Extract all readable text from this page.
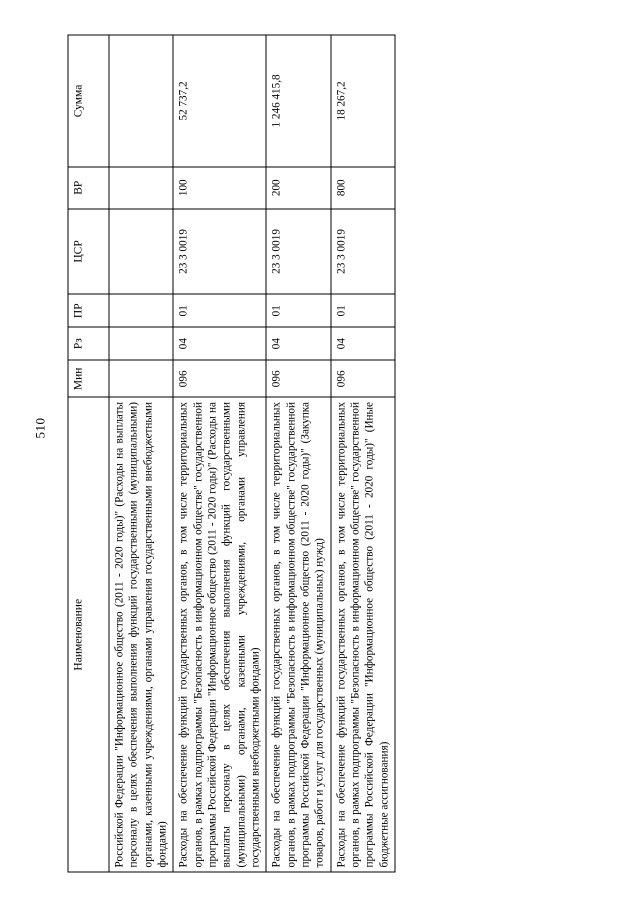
510
Наименование	Мин	Рз	ПР	ЦСР	ВР	Сумма
Российской Федерации "Информационное общество (2011 - 2020 годы)" (Расходы на выплаты персоналу в целях обеспечения выполнения функций государственными (муниципальными) органами, казенными учреждениями, органами управления государственными внебюджетными фондами)						
Расходы на обеспечение функций государственных органов, в том числе территориальных органов, в рамках подпрограммы "Безопасность в информационном обществе" государственной программы Российской Федерации "Информационное общество (2011 - 2020 годы)" (Расходы на выплаты персоналу в целях обеспечения выполнения функций государственными (муниципальными) органами, казенными учреждениями, органами управления государственными внебюджетными фондами)	096	04	01	23 3 0019	100	52 737,2
Расходы на обеспечение функций государственных органов, в том числе территориальных органов, в рамках подпрограммы "Безопасность в информационном обществе" государственной программы Российской Федерации "Информационное общество (2011 - 2020 годы)" (Закупка товаров, работ и услуг для государственных (муниципальных) нужд)	096	04	01	23 3 0019	200	1 246 415,8
Расходы на обеспечение функций государственных органов, в том числе территориальных органов, в рамках подпрограммы "Безопасность в информационном обществе" государственной программы Российской Федерации "Информационное общество (2011 - 2020 годы)" (Иные бюджетные ассигнования)	096	04	01	23 3 0019	800	18 267,2
